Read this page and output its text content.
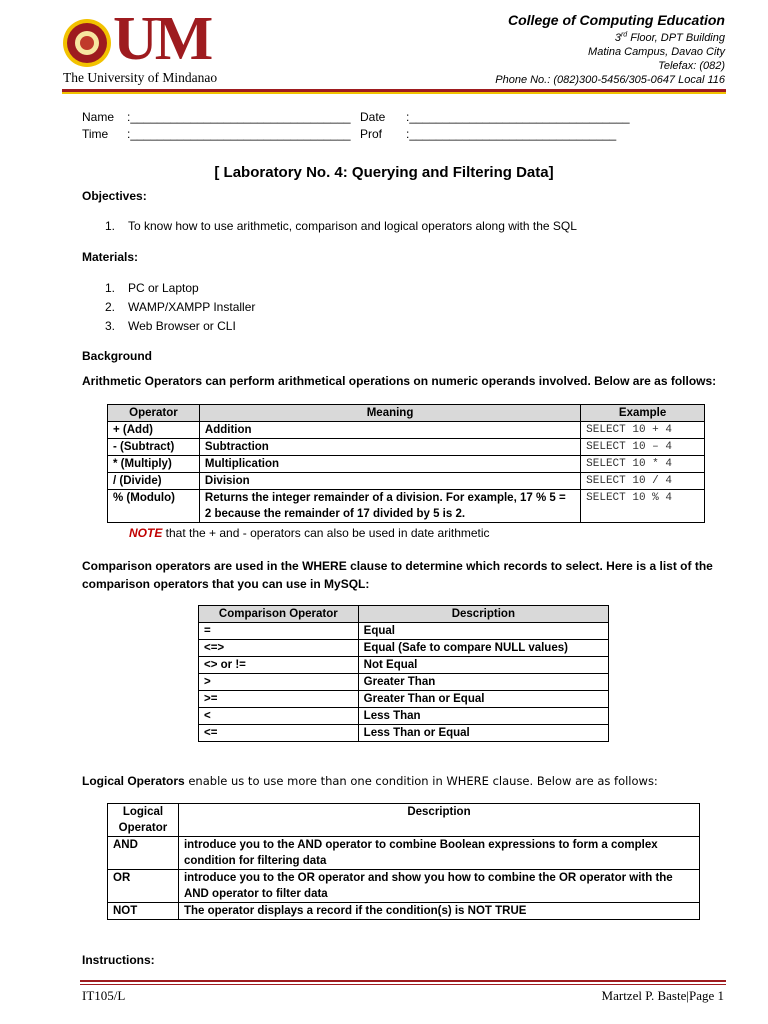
UM
The University of Mindanao
College of Computing Education
3rd Floor, DPT Building
Matina Campus, Davao City
Telefax: (082)
Phone No.: (082)300-5456/305-0647 Local 116
Name :_________________________________ Date :_________________________________
Time :_________________________________ Prof :_______________________________
[ Laboratory No. 4: Querying and Filtering Data]
Objectives:
1. To know how to use arithmetic, comparison and logical operators along with the SQL
Materials:
1. PC or Laptop
2. WAMP/XAMPP Installer
3. Web Browser or CLI
Background
Arithmetic Operators can perform arithmetical operations on numeric operands involved. Below are as follows:
Operator	Meaning	Example
+ (Add)	Addition	SELECT 10 + 4
- (Subtract)	Subtraction	SELECT 10 – 4
* (Multiply)	Multiplication	SELECT 10 * 4
/ (Divide)	Division	SELECT 10 / 4
% (Modulo)	Returns the integer remainder of a division. For example, 17 % 5 = 2 because the remainder of 17 divided by 5 is 2.	SELECT 10 % 4
NOTE that the + and - operators can also be used in date arithmetic
Comparison operators are used in the WHERE clause to determine which records to select. Here is a list of the comparison operators that you can use in MySQL:
Comparison Operator	Description
=	Equal
<=>	Equal (Safe to compare NULL values)
<> or !=	Not Equal
>	Greater Than
>=	Greater Than or Equal
<	Less Than
<=	Less Than or Equal
Logical Operators enable us to use more than one condition in WHERE clause. Below are as follows:
Logical Operator	Description
AND	introduce you to the AND operator to combine Boolean expressions to form a complex condition for filtering data
OR	introduce you to the OR operator and show you how to combine the OR operator with the AND operator to filter data
NOT	The operator displays a record if the condition(s) is NOT TRUE
Instructions:
IT105/L	Martzel P. Baste|Page 1
